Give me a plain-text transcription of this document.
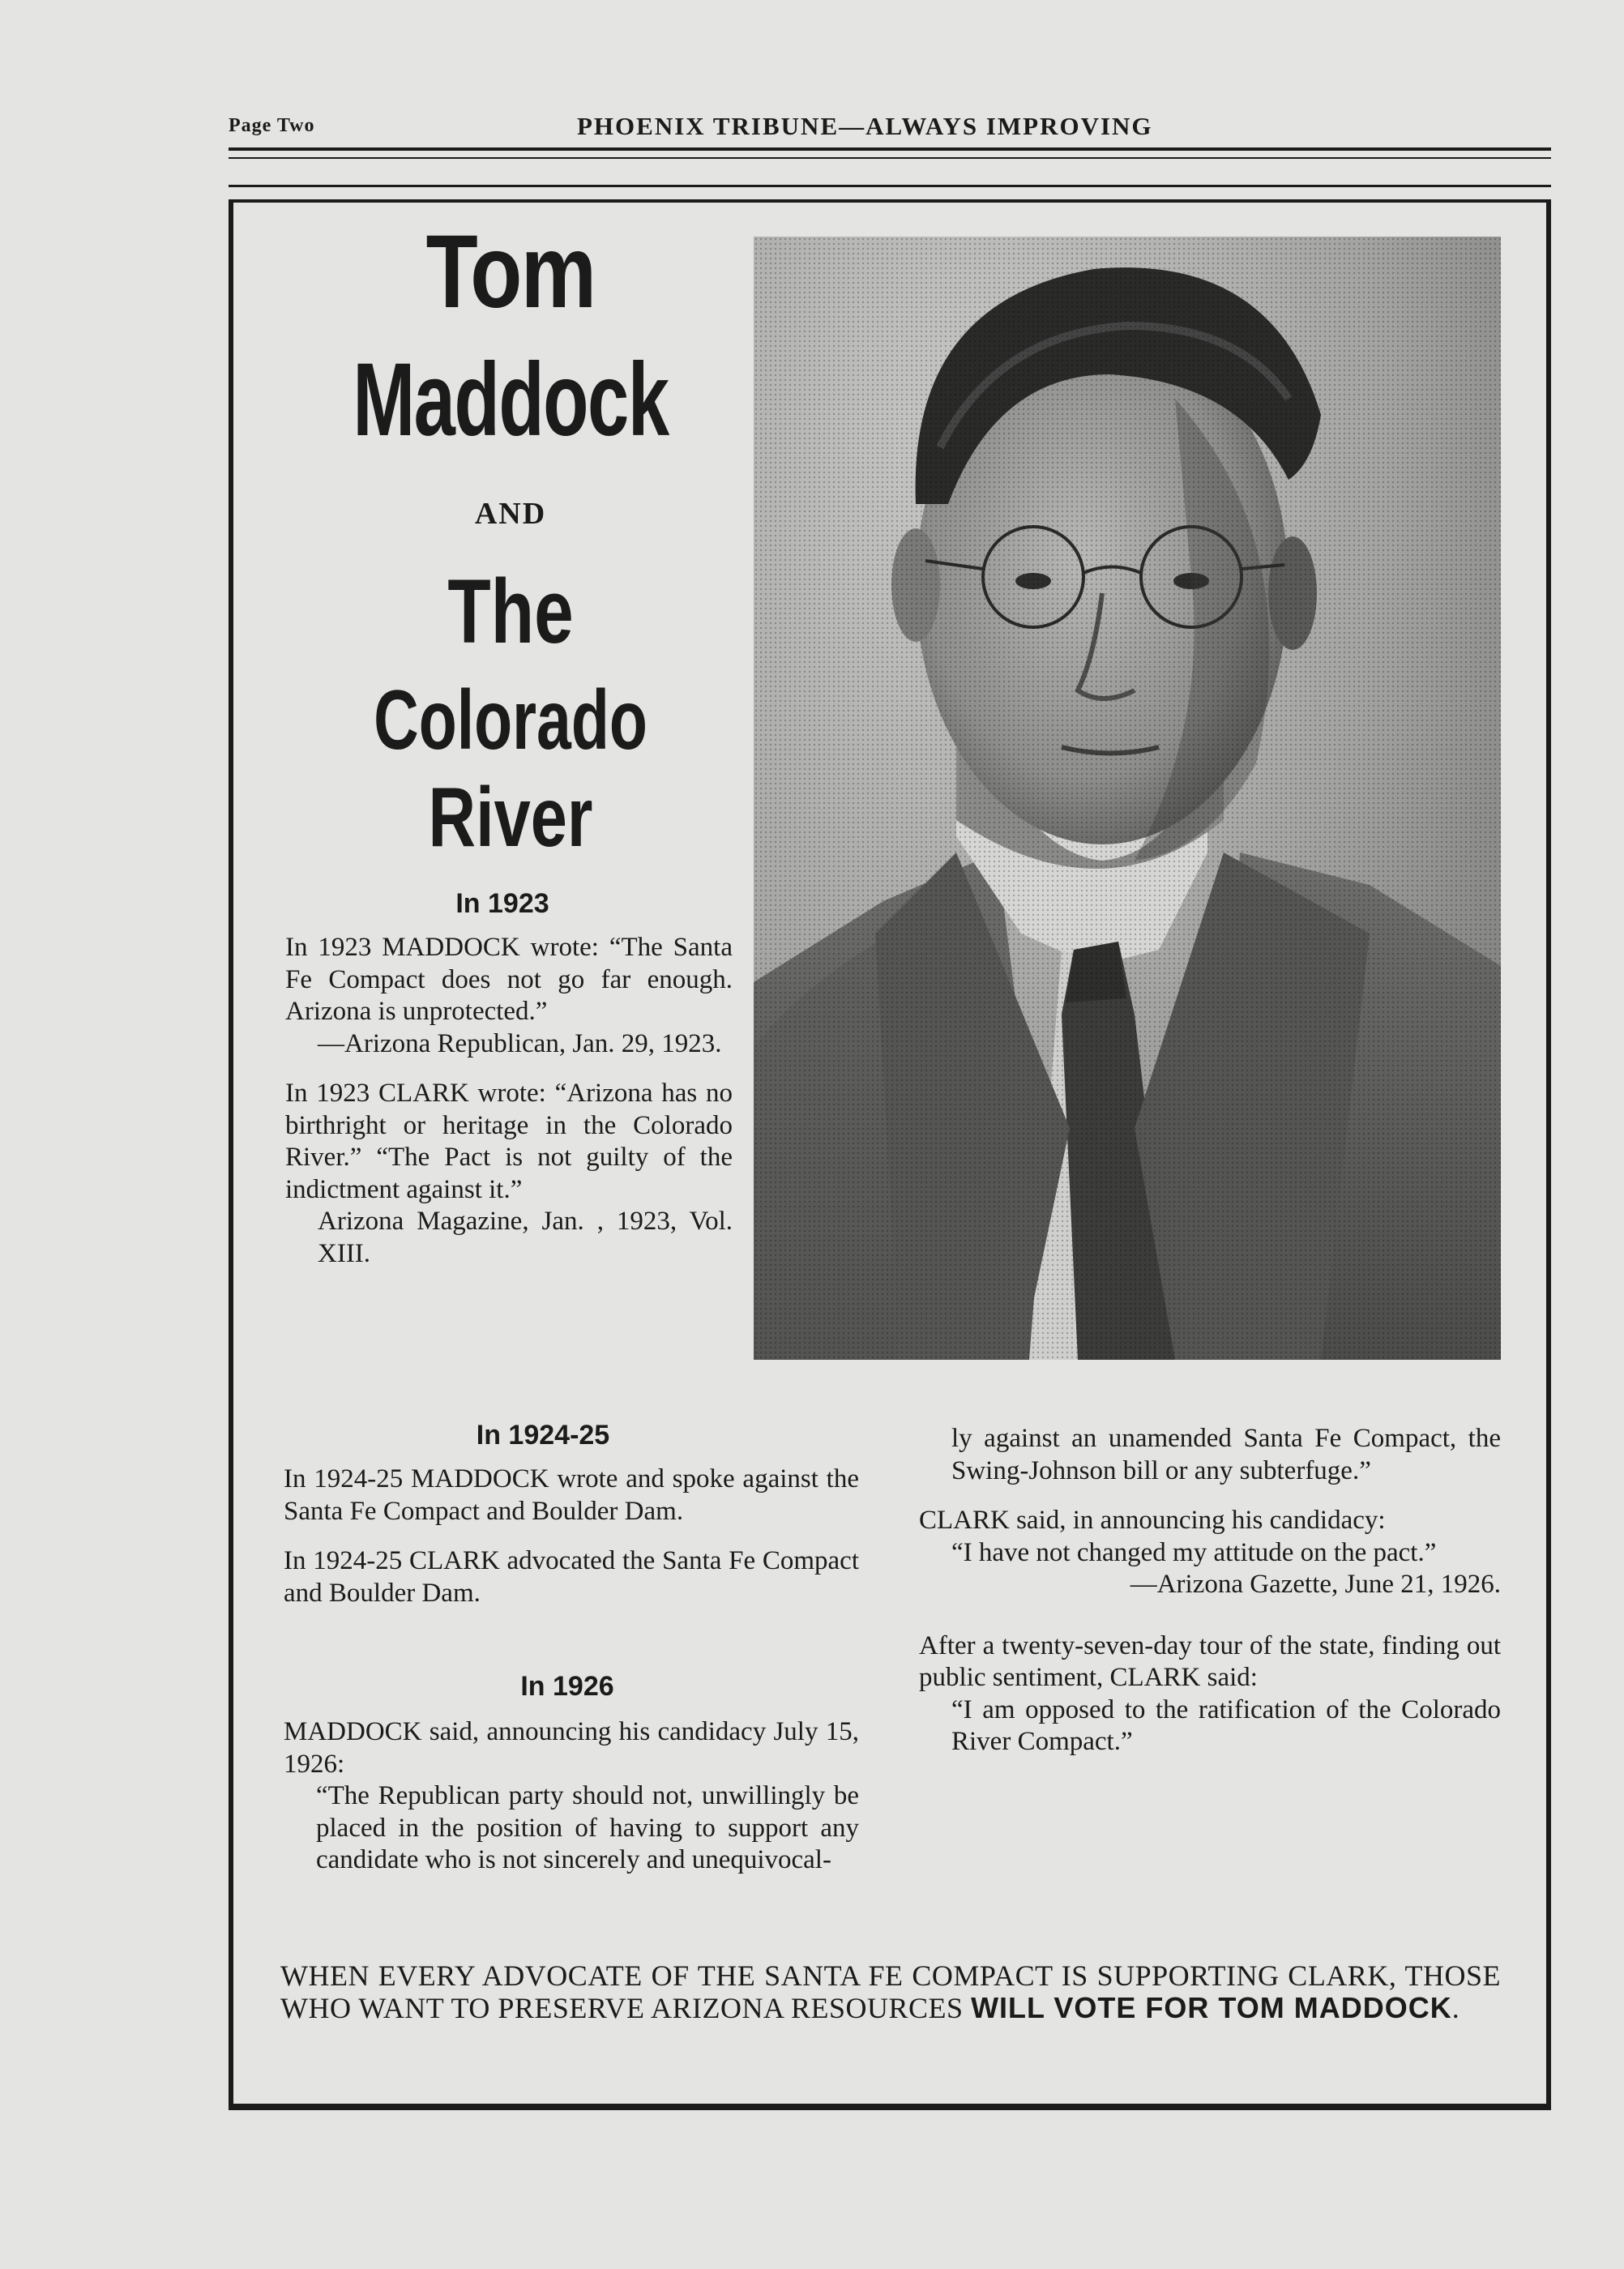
Page Two	PHOENIX TRIBUNE—ALWAYS IMPROVING
Tom
Maddock
AND
The
Colorado
River
In 1923

In 1923 MADDOCK wrote: “The Santa Fe Compact does not go far enough. Arizona is unprotected.”

—Arizona Republican, Jan. 29, 1923.

In 1923 CLARK wrote: “Arizona has no birthright or heritage in the Colorado River.” “The Pact is not guilty of the indictment against it.”

Arizona Magazine, Jan. , 1923, Vol. XIII.

In 1924-25

In 1924-25 MADDOCK wrote and spoke against the Santa Fe Compact and Boulder Dam.

In 1924-25 CLARK advocated the Santa Fe Compact and Boulder Dam.

In 1926

MADDOCK said, announcing his candidacy July 15, 1926:

“The Republican party should not, unwillingly be placed in the position of having to support any candidate who is not sincerely and unequivocal-

ly against an unamended Santa Fe Compact, the Swing-Johnson bill or any subterfuge.”

CLARK said, in announcing his candidacy:

“I have not changed my attitude on the pact.”

—Arizona Gazette, June 21, 1926.

After a twenty-seven-day tour of the state, finding out public sentiment, CLARK said:

“I am opposed to the ratification of the Colorado River Compact.”

WHEN EVERY ADVOCATE OF THE SANTA FE COMPACT IS SUPPORTING CLARK, THOSE WHO WANT TO PRESERVE ARIZONA RESOURCES WILL VOTE FOR TOM MADDOCK.
